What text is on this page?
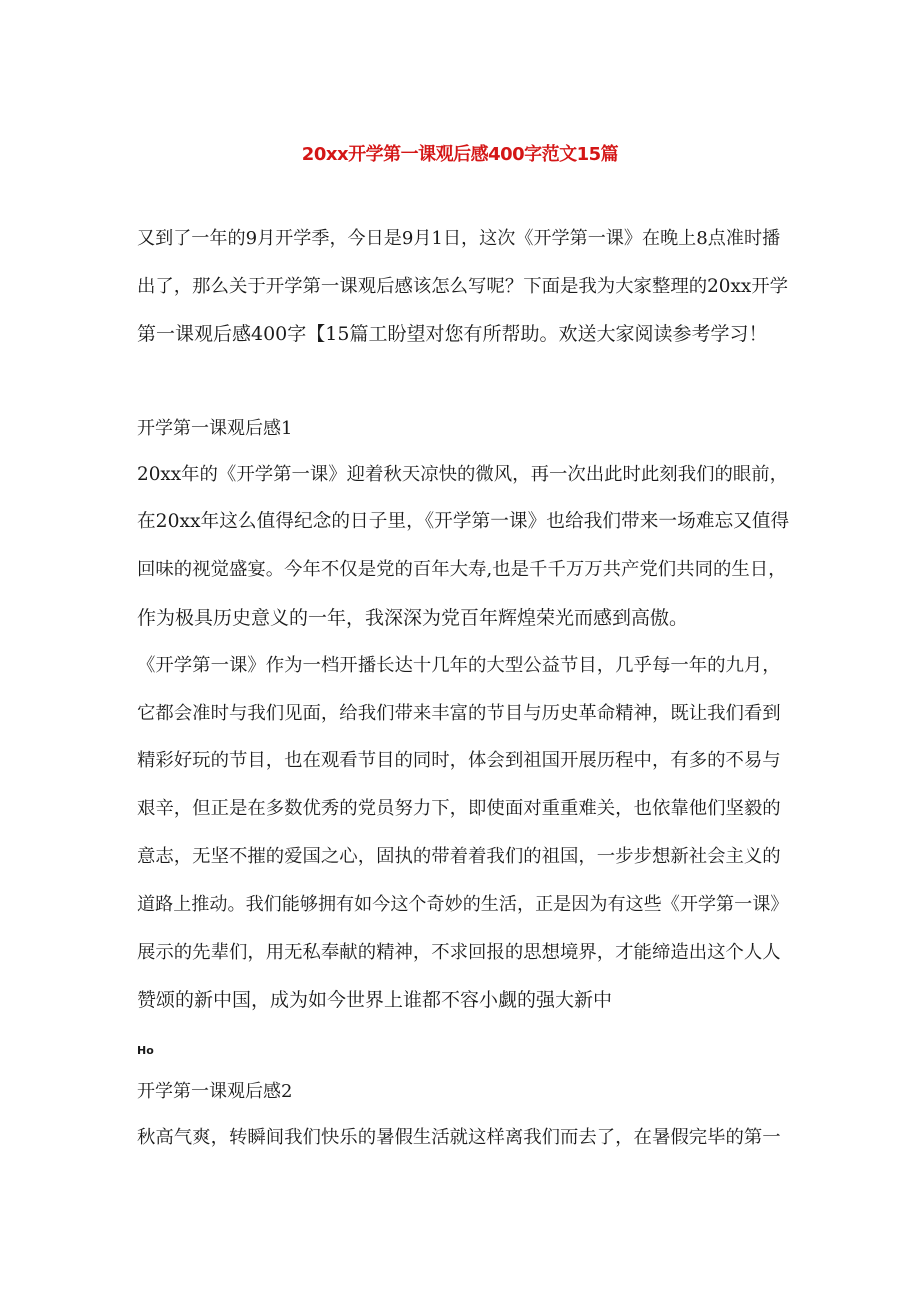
20xx开学第一课观后感400字范文15篇
又到了一年的9月开学季，今日是9月1日，这次《开学第一课》在晚上8点准时播
出了，那么关于开学第一课观后感该怎么写呢？下面是我为大家整理的20xx开学
第一课观后感400字【15篇工盼望对您有所帮助。欢送大家阅读参考学习！
开学第一课观后感1
20xx年的《开学第一课》迎着秋天凉快的微风，再一次出此时此刻我们的眼前，
在20xx年这么值得纪念的日子里，《开学第一课》也给我们带来一场难忘又值得
回味的视觉盛宴。今年不仅是党的百年大寿,也是千千万万共产党们共同的生日，
作为极具历史意义的一年，我深深为党百年辉煌荣光而感到高傲。
《开学第一课》作为一档开播长达十几年的大型公益节目，几乎每一年的九月，
它都会准时与我们见面，给我们带来丰富的节目与历史革命精神，既让我们看到
精彩好玩的节目，也在观看节目的同时，体会到祖国开展历程中，有多的不易与
艰辛，但正是在多数优秀的党员努力下，即使面对重重难关，也依靠他们坚毅的
意志，无坚不摧的爱国之心，固执的带着着我们的祖国，一步步想新社会主义的
道路上推动。我们能够拥有如今这个奇妙的生活，正是因为有这些《开学第一课》
展示的先辈们，用无私奉献的精神，不求回报的思想境界，才能缔造出这个人人
赞颂的新中国，成为如今世界上谁都不容小觑的强大新中
Ho
开学第一课观后感2
秋高气爽，转瞬间我们快乐的暑假生活就这样离我们而去了，在暑假完毕的第一
